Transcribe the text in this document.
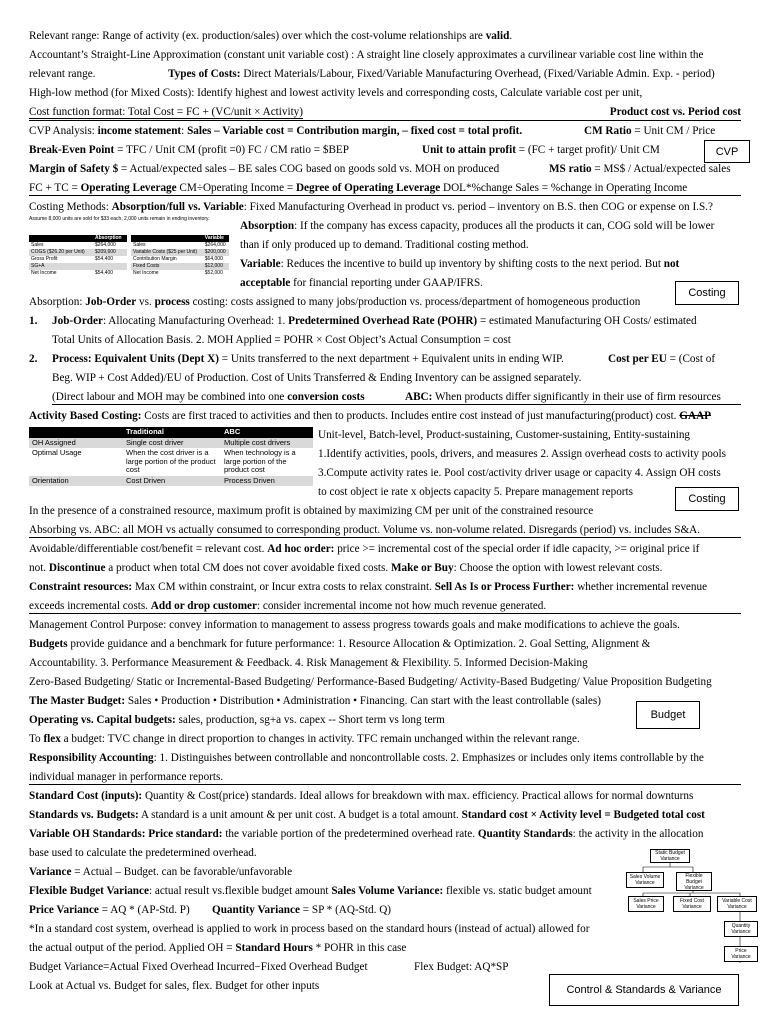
Relevant range: Range of activity (ex. production/sales) over which the cost-volume relationships are valid.
Accountant’s Straight-Line Approximation (constant unit variable cost) : A straight line closely approximates a curvilinear variable cost line within the
relevant range.	Types of Costs: Direct Materials/Labour, Fixed/Variable Manufacturing Overhead, (Fixed/Variable Admin. Exp. - period)
High-low method (for Mixed Costs): Identify highest and lowest activity levels and corresponding costs, Calculate variable cost per unit,
Cost function format: Total Cost = FC + (VC/unit × Activity)	Product cost vs. Period cost
CVP Analysis: income statement: Sales – Variable cost = Contribution margin, – fixed cost = total profit.	CM Ratio = Unit CM / Price
Break-Even Point = TFC / Unit CM (profit =0) FC / CM ratio = $BEP	Unit to attain profit = (FC + target profit)/ Unit CM
Margin of Safety $ = Actual/expected sales – BE sales COG based on goods sold vs. MOH on produced	MS ratio = MS$ / Actual/expected sales
FC + TC = Operating Leverage CM÷Operating Income = Degree of Operating Leverage DOL*%change Sales = %change in Operating Income
CVP
Costing Methods: Absorption/full vs. Variable: Fixed Manufacturing Overhead in product vs. period – inventory on B.S. then COG or expense on I.S.?
Assume 8,000 units are sold for $33 each, 2,000 units remain in ending inventory.
	Absorption
Sales	$264,000
COGS ($26.20 per Unit)	$209,600
Gross Profit	$54,400
SG+A	
Net Income	$54,400
	Variable
Sales	$264,000
Variable Costs ($25 per Unit)	$200,000
Contribution Margin	$64,000
Fixed Costs	$12,000
Net Income	$52,000
Absorption: If the company has excess capacity, produces all the products it can, COG sold will be lower
than if only produced up to demand. Traditional costing method.
Variable: Reduces the incentive to build up inventory by shifting costs to the next period. But not
acceptable for financial reporting under GAAP/IFRS.
Costing
Absorption: Job-Order vs. process costing: costs assigned to many jobs/production vs. process/department of homogeneous production
1. Job-Order: Allocating Manufacturing Overhead: 1. Predetermined Overhead Rate (POHR) = estimated Manufacturing OH Costs/ estimated
Total Units of Allocation Basis. 2. MOH Applied = POHR × Cost Object’s Actual Consumption = cost
2. Process: Equivalent Units (Dept X) = Units transferred to the next department + Equivalent units in ending WIP.	Cost per EU = (Cost of
Beg. WIP + Cost Added)/EU of Production. Cost of Units Transferred & Ending Inventory can be assigned separately.
(Direct labour and MOH may be combined into one conversion costs	ABC: When products differ significantly in their use of firm resources
Activity Based Costing: Costs are first traced to activities and then to products. Includes entire cost instead of just manufacturing(product) cost. GAAP
	Traditional	ABC
OH Assigned	Single cost driver	Multiple cost drivers
Optimal Usage	When the cost driver is a large portion of the product cost	When technology is a large portion of the product cost
Orientation	Cost Driven	Process Driven
Unit-level, Batch-level, Product-sustaining, Customer-sustaining, Entity-sustaining
1.Identify activities, pools, drivers, and measures 2. Assign overhead costs to activity pools
3.Compute activity rates ie. Pool cost/activity driver usage or capacity 4. Assign OH costs
to cost object ie rate x objects capacity 5. Prepare management reports
Costing
In the presence of a constrained resource, maximum profit is obtained by maximizing CM per unit of the constrained resource
Absorbing vs. ABC: all MOH vs actually consumed to corresponding product. Volume vs. non-volume related. Disregards (period) vs. includes S&A.
Avoidable/differentiable cost/benefit = relevant cost. Ad hoc order: price >= incremental cost of the special order if idle capacity, >= original price if
not. Discontinue a product when total CM does not cover avoidable fixed costs. Make or Buy: Choose the option with lowest relevant costs.
Constraint resources: Max CM within constraint, or Incur extra costs to relax constraint. Sell As Is or Process Further: whether incremental revenue
exceeds incremental costs. Add or drop customer: consider incremental income not how much revenue generated.
Management Control Purpose: convey information to management to assess progress towards goals and make modifications to achieve the goals.
Budgets provide guidance and a benchmark for future performance: 1. Resource Allocation & Optimization. 2. Goal Setting, Alignment &
Accountability. 3. Performance Measurement & Feedback. 4. Risk Management & Flexibility. 5. Informed Decision-Making
Zero-Based Budgeting/ Static or Incremental-Based Budgeting/ Performance-Based Budgeting/ Activity-Based Budgeting/ Value Proposition Budgeting
The Master Budget: Sales • Production • Distribution • Administration • Financing. Can start with the least controllable (sales)
Operating vs. Capital budgets: sales, production, sg+a vs. capex -- Short term vs long term	Budget
To flex a budget: TVC change in direct proportion to changes in activity. TFC remain unchanged within the relevant range.
Responsibility Accounting: 1. Distinguishes between controllable and noncontrollable costs. 2. Emphasizes or includes only items controllable by the
individual manager in performance reports.
Standard Cost (inputs): Quantity & Cost(price) standards. Ideal allows for breakdown with max. efficiency. Practical allows for normal downturns
Standards vs. Budgets: A standard is a unit amount & per unit cost. A budget is a total amount. Standard cost × Activity level = Budgeted total cost
Variable OH Standards: Price standard: the variable portion of the predetermined overhead rate. Quantity Standards: the activity in the allocation
base used to calculate the predetermined overhead.
Variance = Actual – Budget. can be favorable/unfavorable
Flexible Budget Variance: actual result vs.flexible budget amount Sales Volume Variance: flexible vs. static budget amount
Price Variance = AQ * (AP-Std. P) Quantity Variance = SP * (AQ-Std. Q)
*In a standard cost system, overhead is applied to work in process based on the standard hours (instead of actual) allowed for
the actual output of the period. Applied OH = Standard Hours * POHR in this case
Budget Variance=Actual Fixed Overhead Incurred−Fixed Overhead Budget	Flex Budget: AQ*SP
Look at Actual vs. Budget for sales, flex. Budget for other inputs	Control & Standards & Variance
Static Budget Variance
Sales Volume Variance
Flexible Budget Variance
Sales Price Variance
Fixed Cost Variance
Variable Cost Variance
Quantity Variance
Price Variance
